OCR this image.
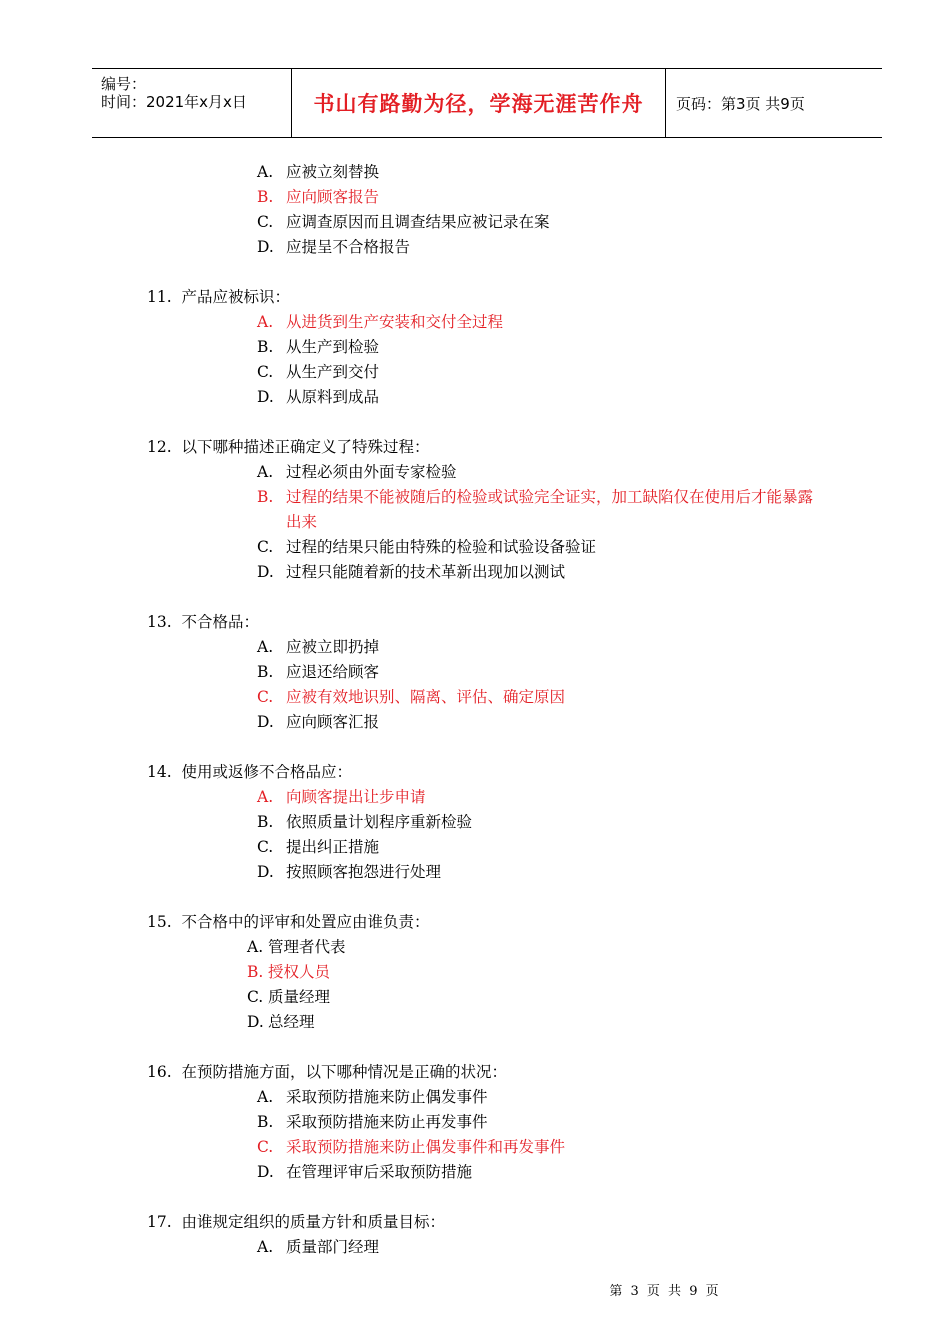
编号：
时间：2021年x月x日	书山有路勤为径，学海无涯苦作舟 页码：第3页 共9页
A. 应被立刻替换
B. 应向顾客报告
C. 应调查原因而且调查结果应被记录在案
D. 应提呈不合格报告
11.  产品应被标识：
A. 从进货到生产安装和交付全过程
B. 从生产到检验
C. 从生产到交付
D. 从原料到成品
12.  以下哪种描述正确定义了特殊过程：
A. 过程必须由外面专家检验
B. 过程的结果不能被随后的检验或试验完全证实，加工缺陷仅在使用后才能暴露
出来
C. 过程的结果只能由特殊的检验和试验设备验证
D. 过程只能随着新的技术革新出现加以测试
13.  不合格品：
A. 应被立即扔掉
B. 应退还给顾客
C. 应被有效地识别、隔离、评估、确定原因
D. 应向顾客汇报
14.  使用或返修不合格品应：
A. 向顾客提出让步申请
B. 依照质量计划程序重新检验
C. 提出纠正措施
D. 按照顾客抱怨进行处理
15.  不合格中的评审和处置应由谁负责：
A. 管理者代表
B. 授权人员
C. 质量经理
D. 总经理
16.  在预防措施方面，以下哪种情况是正确的状况：
A. 采取预防措施来防止偶发事件
B. 采取预防措施来防止再发事件
C. 采取预防措施来防止偶发事件和再发事件
D. 在管理评审后采取预防措施
17.  由谁规定组织的质量方针和质量目标：
A. 质量部门经理
第 3 页 共 9 页
